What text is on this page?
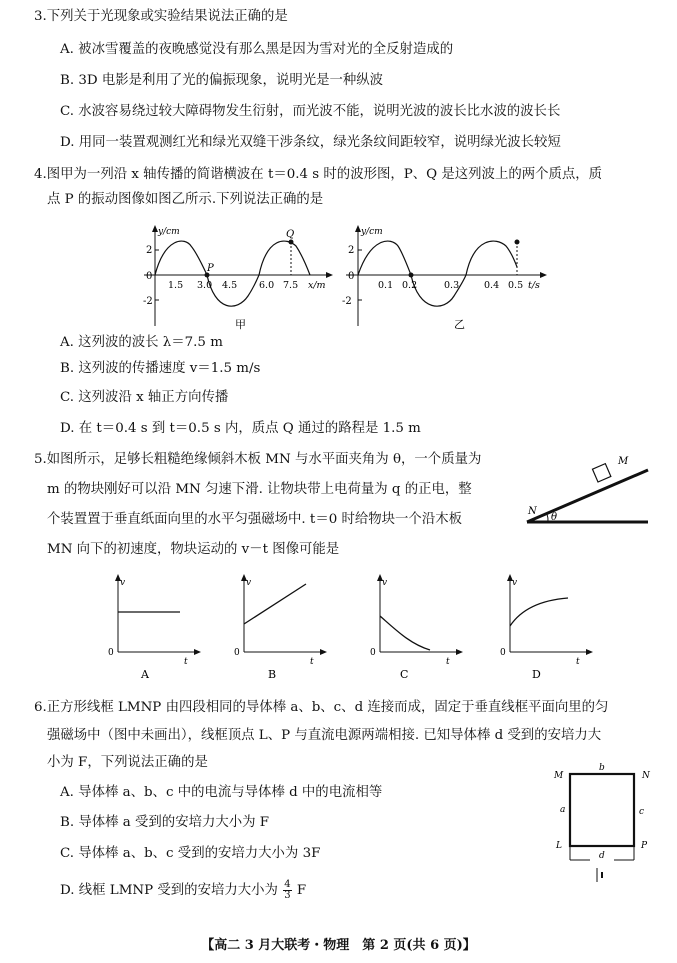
3.下列关于光现象或实验结果说法正确的是
A. 被冰雪覆盖的夜晚感觉没有那么黑是因为雪对光的全反射造成的
B. 3D 电影是利用了光的偏振现象，说明光是一种纵波
C. 水波容易绕过较大障碍物发生衍射，而光波不能，说明光波的波长比水波的波长长
D. 用同一装置观测红光和绿光双缝干涉条纹，绿光条纹间距较窄，说明绿光波长较短
4.图甲为一列沿 x 轴传播的简谐横波在 t＝0.4 s 时的波形图，P、Q 是这列波上的两个质点，质
点 P 的振动图像如图乙所示.下列说法正确的是
y/cm
2
0
-2
1.5 3.0 4.5 6.0 7.5 x/m
P
Q
甲
y/cm
2
0
-2
0.1 0.2	0.3	0.4 0.5 t/s
乙
A. 这列波的波长 λ＝7.5 m
B. 这列波的传播速度 v＝1.5 m/s
C. 这列波沿 x 轴正方向传播
D. 在 t＝0.4 s 到 t＝0.5 s 内，质点 Q 通过的路程是 1.5 m
5.如图所示，足够长粗糙绝缘倾斜木板 MN 与水平面夹角为 θ，一个质量为
m 的物块刚好可以沿 MN 匀速下滑. 让物块带上电荷量为 q 的正电，整
个装置置于垂直纸面向里的水平匀强磁场中. t＝0 时给物块一个沿木板
MN 向下的初速度，物块运动的 v－t 图像可能是
M
N
θ
v
0
t
A
v
0
t
B
v
0
t
C
v
0
t
D
6.正方形线框 LMNP 由四段相同的导体棒 a、b、c、d 连接而成，固定于垂直线框平面向里的匀
强磁场中（图中未画出），线框顶点 L、P 与直流电源两端相接. 已知导体棒 d 受到的安培力大
小为 F，下列说法正确的是
A. 导体棒 a、b、c 中的电流与导体棒 d 中的电流相等
B. 导体棒 a 受到的安培力大小为 F
C. 导体棒 a、b、c 受到的安培力大小为 3F
D. 线框 LMNP 受到的安培力大小为 $\frac{4}{3}$ F
M	N
L	P
b
a	c
d
【高二 3 月大联考・物理　第 2 页(共 6 页)】
